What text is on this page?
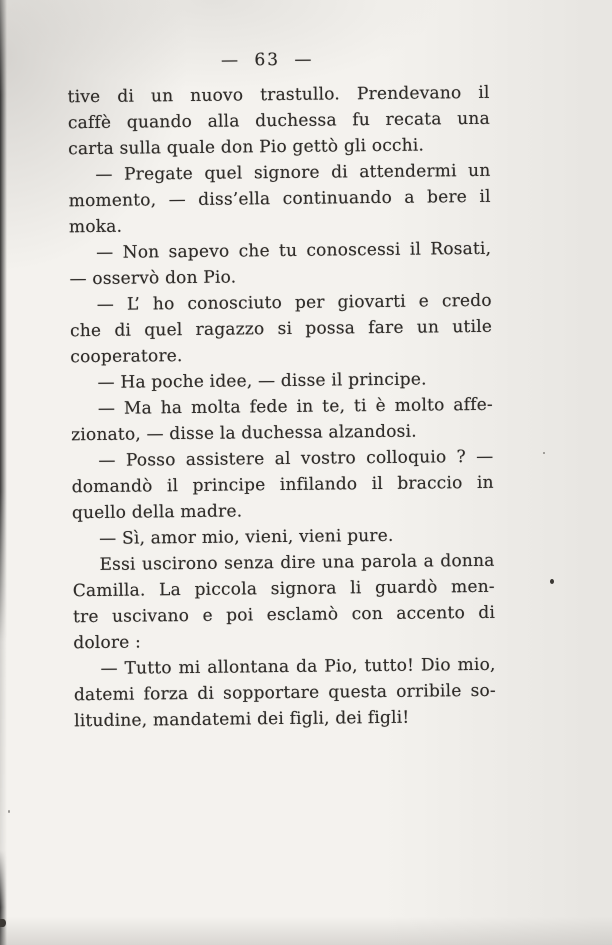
— 63 —
tive di un nuovo trastullo. Prendevano il
caffè quando alla duchessa fu recata una
carta sulla quale don Pio gettò gli occhi.
— Pregate quel signore di attendermi un
momento, — diss’ella continuando a bere il
moka.
— Non sapevo che tu conoscessi il Rosati,
— osservò don Pio.
— L’ ho conosciuto per giovarti e credo
che di quel ragazzo si possa fare un utile
cooperatore.
— Ha poche idee, — disse il principe.
— Ma ha molta fede in te, ti è molto affe-
zionato, — disse la duchessa alzandosi.
— Posso assistere al vostro colloquio ? —
domandò il principe infilando il braccio in
quello della madre.
— Sì, amor mio, vieni, vieni pure.
Essi uscirono senza dire una parola a donna
Camilla. La piccola signora li guardò men-
tre uscivano e poi esclamò con accento di
dolore :
— Tutto mi allontana da Pio, tutto! Dio mio,
datemi forza di sopportare questa orribile so-
litudine, mandatemi dei figli, dei figli!
